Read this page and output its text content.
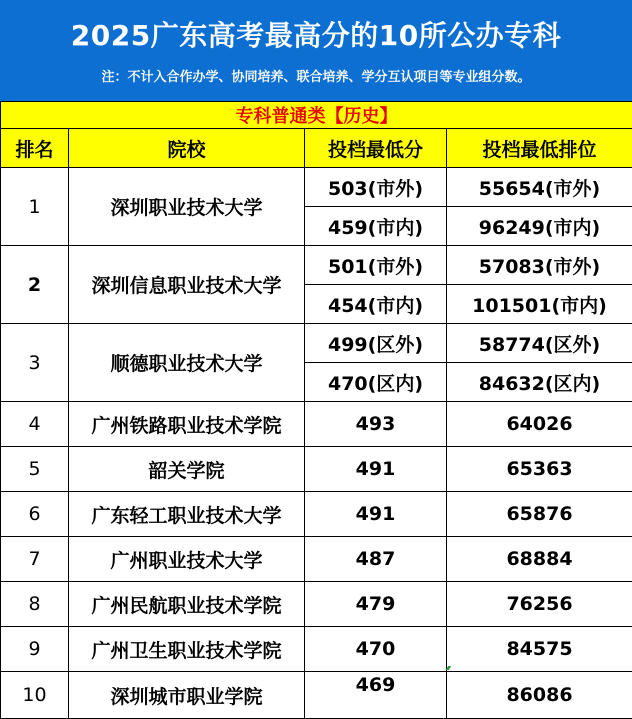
2025广东高考最高分的10所公办专科
注：不计入合作办学、协同培养、联合培养、学分互认项目等专业组分数。
专科普通类【历史】			
排名	院校	投档最低分	投档最低排位
1	深圳职业技术大学	503(市外)	55654(市外)
		459(市内)	96249(市内)
2	深圳信息职业技术大学	501(市外)	57083(市外)
		454(市内)	101501(市内)
3	顺德职业技术大学	499(区外)	58774(区外)
		470(区内)	84632(区内)
4	广州铁路职业技术学院	493	64026
5	韶关学院	491	65363
6	广东轻工职业技术大学	491	65876
7	广州职业技术大学	487	68884
8	广州民航职业技术学院	479	76256
9	广州卫生职业技术学院	470	84575
10	深圳城市职业学院	469	86086
